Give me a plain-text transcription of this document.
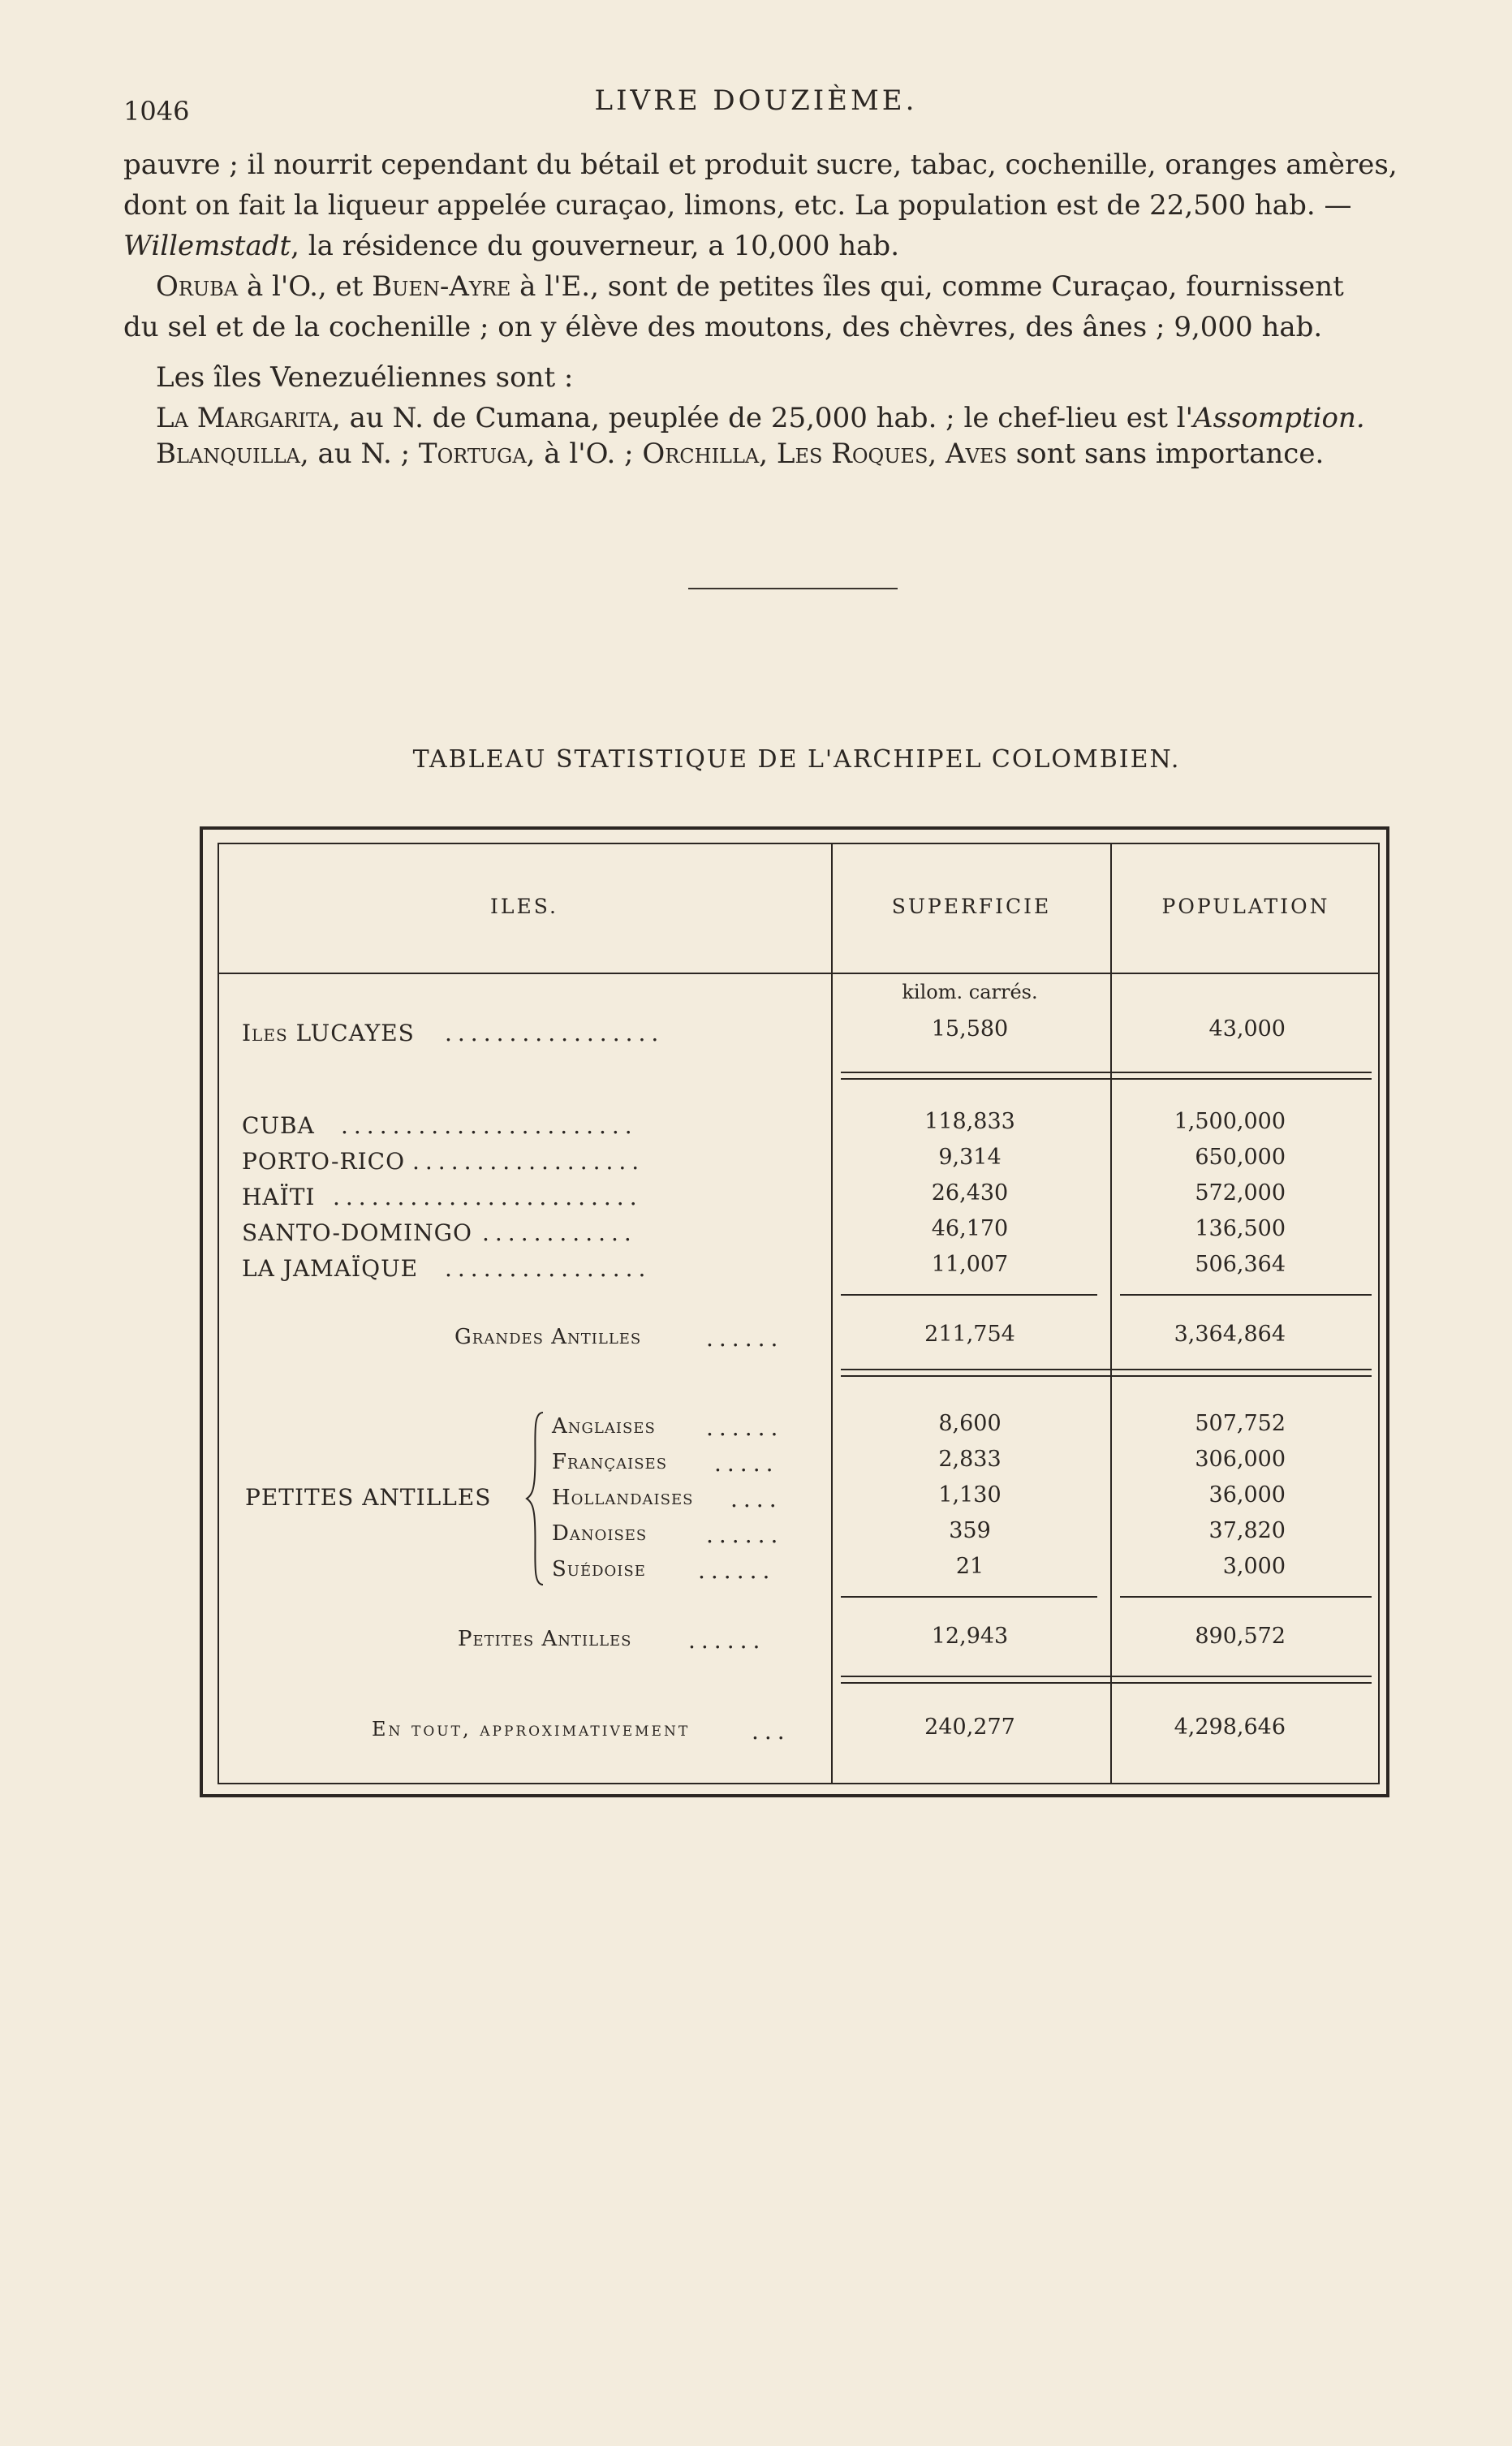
1046	LIVRE DOUZIÈME.

pauvre ; il nourrit cependant du bétail et produit sucre, tabac, cochenille, oranges amères,

dont on fait la liqueur appelée curaçao, limons, etc. La population est de 22,500 hab. —

Willemstadt, la résidence du gouverneur, a 10,000 hab.

Oruba à l'O., et Buen-Ayre à l'E., sont de petites îles qui, comme Curaçao, fournissent

du sel et de la cochenille ; on y élève des moutons, des chèvres, des ânes ; 9,000 hab.

Les îles Venezuéliennes sont :

La Margarita, au N. de Cumana, peuplée de 25,000 hab. ; le chef-lieu est l'Assomption.

Blanquilla, au N. ; Tortuga, à l'O. ; Orchilla, Les Roques, Aves sont sans importance.

TABLEAU STATISTIQUE DE L'ARCHIPEL COLOMBIEN.
ILES.	SUPERFICIE	POPULATION
kilom. carrés.
Iles LUCAYES .................	15,580	43,000
CUBA .......................	118,833	1,500,000
PORTO-RICO ..................	9,314	650,000
HAÏTI ........................	26,430	572,000
SANTO-DOMINGO ............	46,170	136,500
LA JAMAÏQUE ................	11,007	506,364
Grandes Antilles	......	211,754	3,364,864
PETITES ANTILLES
Anglaises ......	8,600	507,752
Françaises .....	2,833	306,000
Hollandaises ....	1,130	36,000
Danoises	......	359	37,820
Suédoise ......	21	3,000
Petites Antilles ......	12,943	890,572
En tout, approximativement	...	240,277	4,298,646
